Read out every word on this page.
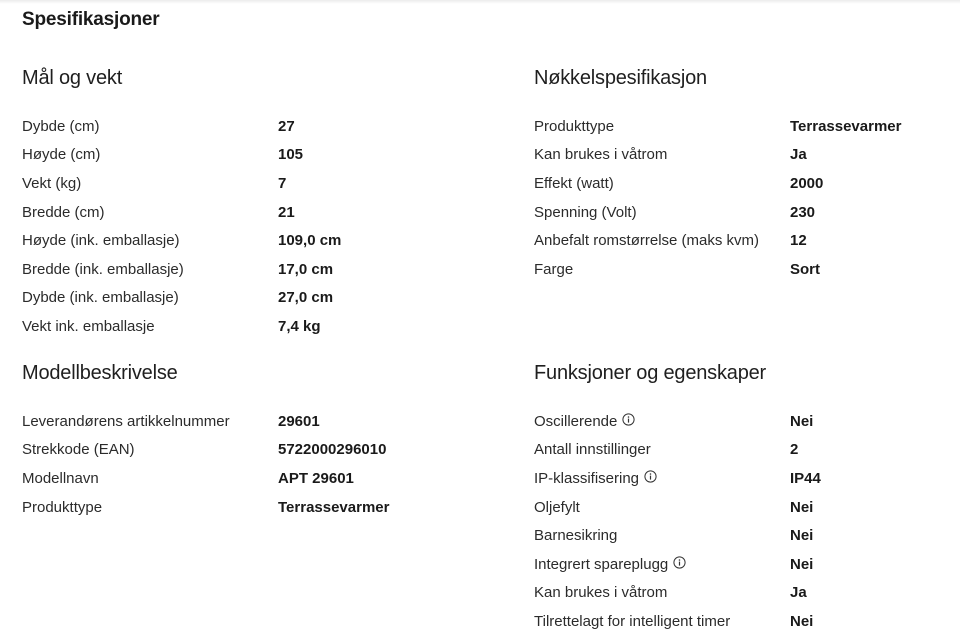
Spesifikasjoner
Mål og vekt
Dybde (cm)	27
Høyde (cm)	105
Vekt (kg)	7
Bredde (cm)	21
Høyde (ink. emballasje)	109,0 cm
Bredde (ink. emballasje)	17,0 cm
Dybde (ink. emballasje)	27,0 cm
Vekt ink. emballasje	7,4 kg
Nøkkelspesifikasjon
Produkttype	Terrassevarmer
Kan brukes i våtrom	Ja
Effekt (watt)	2000
Spenning (Volt)	230
Anbefalt romstørrelse (maks kvm)	12
Farge	Sort
Modellbeskrivelse
Leverandørens artikkelnummer	29601
Strekkode (EAN)	5722000296010
Modellnavn	APT 29601
Produkttype	Terrassevarmer
Funksjoner og egenskaper
Oscillerende	Nei
Antall innstillinger	2
IP-klassifisering	IP44
Oljefylt	Nei
Barnesikring	Nei
Integrert spareplugg	Nei
Kan brukes i våtrom	Ja
Tilrettelagt for intelligent timer	Nei
